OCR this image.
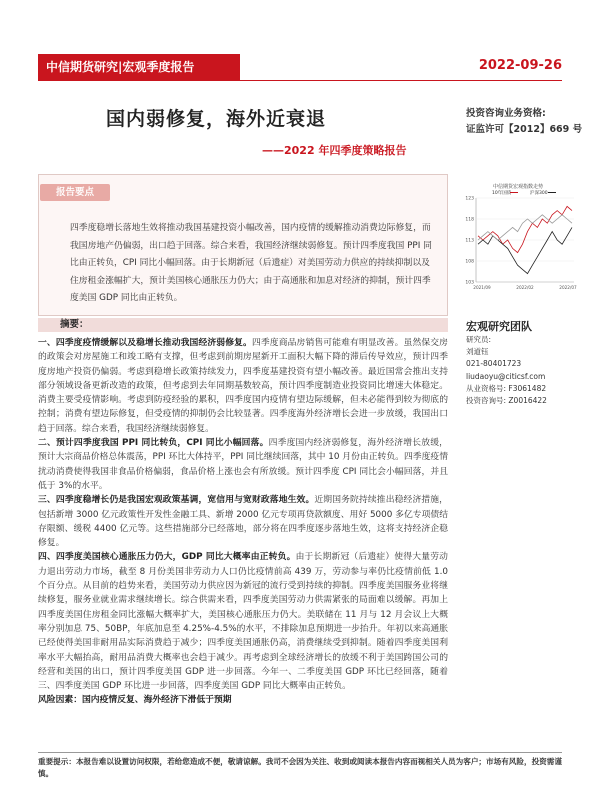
中信期货研究|宏观季度报告	2022-09-26
国内弱修复，海外近衰退
——2022 年四季度策略报告
投资咨询业务资格:
证监许可【2012】669 号
报告要点
四季度稳增长落地生效将推动我国基建投资小幅改善，国内疫情的缓解推动消费边际修复，而我国房地产仍偏弱，出口趋于回落。综合来看，我国经济继续弱修复。预计四季度我国 PPI 同比由正转负，CPI 同比小幅回落。由于长期新冠（后遗症）对美国劳动力供应的持续抑制以及住房租金涨幅扩大，预计美国核心通胀压力仍大；由于高通胀和加息对经济的抑制，预计四季度美国 GDP 同比由正转负。
中信期货宏观指数走势
10年国债	沪深300
123
118
113
108
103
2021/09	2022/02	2022/07
宏观研究团队
研究员:
刘道钰
021-80401723
liudaoyu@citicsf.com
从业资格号: F3061482
投资咨询号: Z0016422
摘要：

一、四季度疫情缓解以及稳增长推动我国经济弱修复。四季度商品房销售可能难有明显改善。虽然保交房的政策会对房屋施工和竣工略有支撑，但考虑到前期房屋新开工面积大幅下降的滞后传导效应，预计四季度房地产投资仍偏弱。考虑到稳增长政策持续发力，四季度基建投资有望小幅改善。最近国常会推出支持部分领域设备更新改造的政策，但考虑到去年同期基数较高，预计四季度制造业投资同比增速大体稳定。消费主要受疫情影响。考虑到防疫经验的累积，四季度国内疫情有望边际缓解，但未必能得到较为彻底的控制；消费有望边际修复，但受疫情的抑制仍会比较显著。四季度海外经济增长会进一步放缓，我国出口趋于回落。综合来看，我国经济继续弱修复。

二、预计四季度我国 PPI 同比转负，CPI 同比小幅回落。四季度国内经济弱修复，海外经济增长放缓，预计大宗商品价格总体震荡，PPI 环比大体持平，PPI 同比继续回落，其中 10 月份由正转负。四季度疫情扰动消费使得我国非食品价格偏弱，食品价格上涨也会有所放缓。预计四季度 CPI 同比会小幅回落，并且低于 3%的水平。

三、四季度稳增长仍是我国宏观政策基调，宽信用与宽财政落地生效。近期国务院持续推出稳经济措施，包括新增 3000 亿元政策性开发性金融工具、新增 2000 亿元专项再贷款额度、用好 5000 多亿专项债结存限额、缓税 4400 亿元等。这些措施部分已经落地，部分将在四季度逐步落地生效，这将支持经济企稳修复。

四、四季度美国核心通胀压力仍大，GDP 同比大概率由正转负。由于长期新冠（后遗症）使得大量劳动力退出劳动力市场，截至 8 月份美国非劳动力人口仍比疫情前高 439 万，劳动参与率仍比疫情前低 1.0 个百分点。从目前的趋势来看，美国劳动力供应因为新冠的流行受到持续的抑制。四季度美国服务业将继续修复，服务业就业需求继续增长。综合供需来看，四季度美国劳动力供需紧张的局面难以缓解。再加上四季度美国住房租金同比涨幅大概率扩大，美国核心通胀压力仍大。美联储在 11 月与 12 月会议上大概率分别加息 75、50BP，年底加息至 4.25%-4.5%的水平，不排除加息预期进一步抬升。年初以来高通胀已经使得美国非耐用品实际消费趋于减少；四季度美国通胀仍高，消费继续受到抑制。随着四季度美国利率水平大幅抬高，耐用品消费大概率也会趋于减少。再考虑到全球经济增长的放缓不利于美国跨国公司的经营和美国的出口，预计四季度美国 GDP 进一步回落。今年一、二季度美国 GDP 环比已经回落，随着三、四季度美国 GDP 环比进一步回落，四季度美国 GDP 同比大概率由正转负。

风险因素：国内疫情反复、海外经济下滑低于预期

重要提示：本报告难以设置访问权限，若给您造成不便，敬请谅解。我司不会因为关注、收到或阅读本报告内容而视相关人员为客户；市场有风险，投资需谨慎。
